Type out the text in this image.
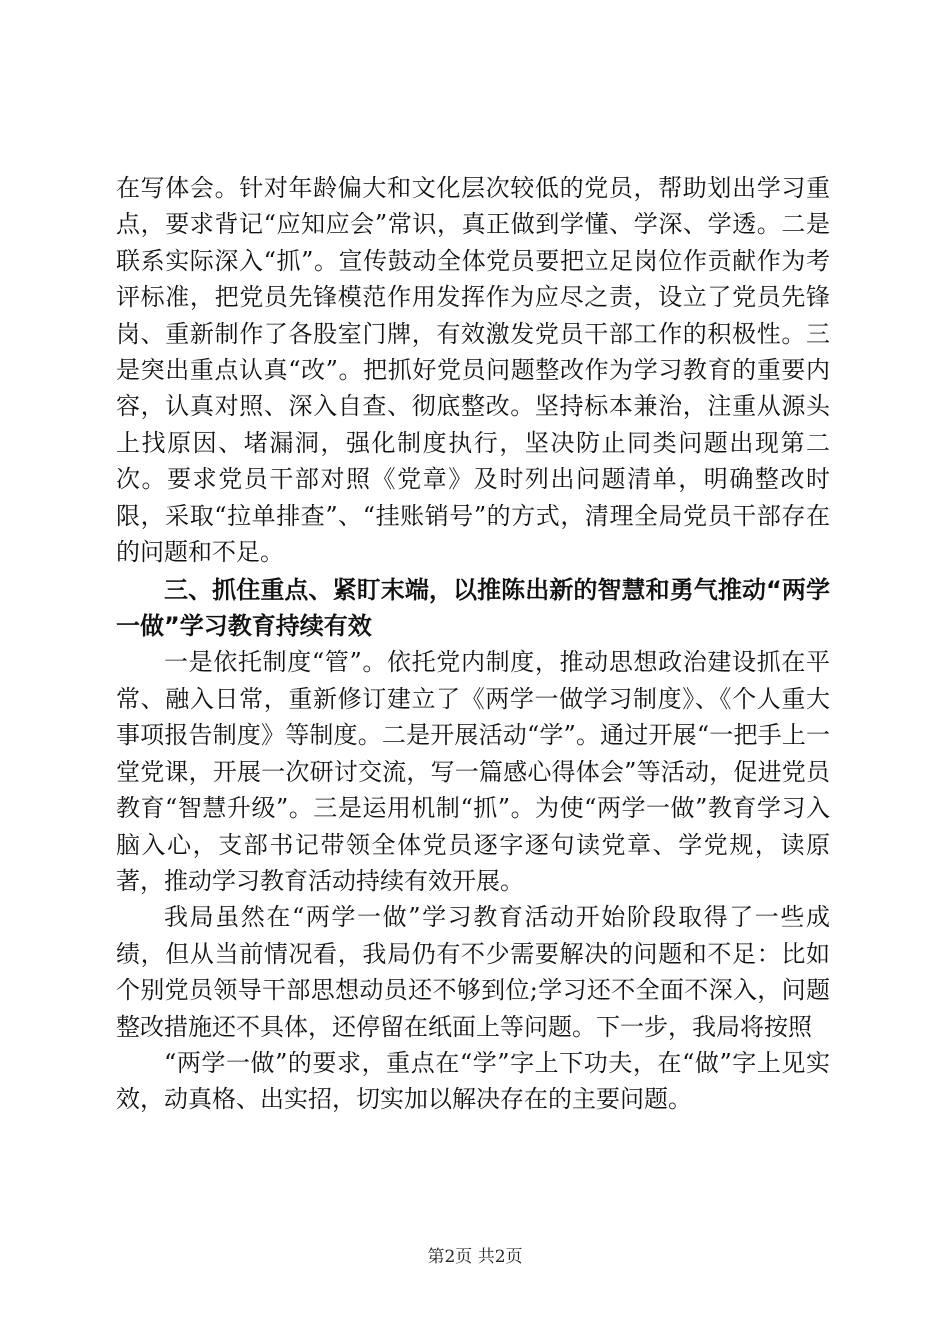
在写体会。针对年龄偏大和文化层次较低的党员，帮助划出学习重点，要求背记“应知应会”常识，真正做到学懂、学深、学透。二是联系实际深入“抓”。宣传鼓动全体党员要把立足岗位作贡献作为考评标准，把党员先锋模范作用发挥作为应尽之责，设立了党员先锋岗、重新制作了各股室门牌，有效激发党员干部工作的积极性。三是突出重点认真“改”。把抓好党员问题整改作为学习教育的重要内容，认真对照、深入自查、彻底整改。坚持标本兼治，注重从源头上找原因、堵漏洞，强化制度执行，坚决防止同类问题出现第二次。要求党员干部对照《党章》及时列出问题清单，明确整改时限，采取“拉单排查”、“挂账销号”的方式，清理全局党员干部存在的问题和不足。

三、抓住重点、紧盯末端，以推陈出新的智慧和勇气推动“两学一做”学习教育持续有效

一是依托制度“管”。依托党内制度，推动思想政治建设抓在平常、融入日常，重新修订建立了《两学一做学习制度》、《个人重大事项报告制度》等制度。二是开展活动“学”。通过开展“一把手上一堂党课，开展一次研讨交流，写一篇感心得体会”等活动，促进党员教育“智慧升级”。三是运用机制“抓”。为使“两学一做”教育学习入脑入心，支部书记带领全体党员逐字逐句读党章、学党规，读原著，推动学习教育活动持续有效开展。

我局虽然在“两学一做”学习教育活动开始阶段取得了一些成绩，但从当前情况看，我局仍有不少需要解决的问题和不足：比如个别党员领导干部思想动员还不够到位;学习还不全面不深入，问题整改措施还不具体，还停留在纸面上等问题。下一步，我局将按照

“两学一做”的要求，重点在“学”字上下功夫，在“做”字上见实效，动真格、出实招，切实加以解决存在的主要问题。

第2页 共2页
